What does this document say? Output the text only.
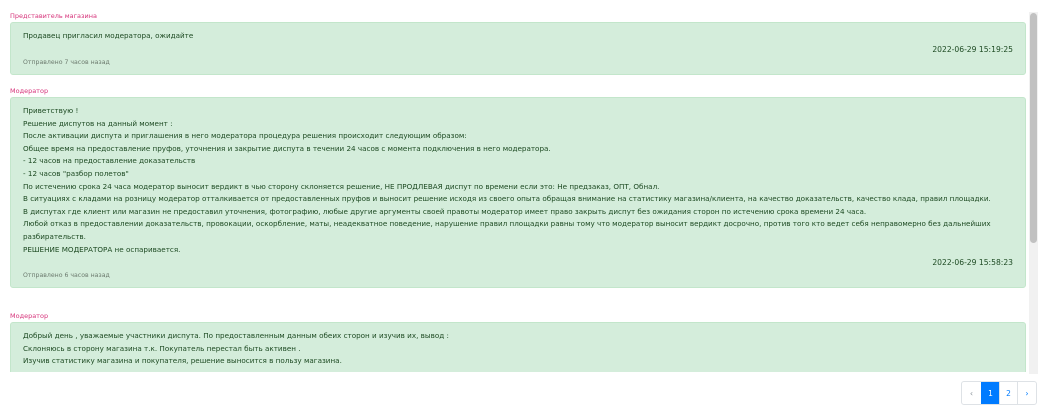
Представитель магазина
Продавец пригласил модератора, ожидайте
2022-06-29 15:19:25
Отправлено 7 часов назад
Модератор
Приветствую !
Решение диспутов на данный момент :
После активации диспута и приглашения в него модератора процедура решения происходит следующим образом:
Общее время на предоставление пруфов, уточнения и закрытие диспута в течении 24 часов с момента подключения в него модератора.
- 12 часов на предоставление доказательств
- 12 часов "разбор полетов"
По истечению срока 24 часа модератор выносит вердикт в чью сторону склоняется решение, НЕ ПРОДЛЕВАЯ диспут по времени если это: Не предзаказ, ОПТ, Обнал.
В ситуациях с кладами на розницу модератор отталкивается от предоставленных пруфов и выносит решение исходя из своего опыта обращая внимание на статистику магазина/клиента, на качество доказательств, качество клада, правил площадки.
В диспутах где клиент или магазин не предоставил уточнения, фотографию, любые другие аргументы своей правоты модератор имеет право закрыть диспут без ожидания сторон по истечению срока времени 24 часа.
Любой отказ в предоставлении доказательств, провокации, оскорбление, маты, неадекватное поведение, нарушение правил площадки равны тому что модератор выносит вердикт досрочно, против того кто ведет себя неправомерно без дальнейших разбирательств.
РЕШЕНИЕ МОДЕРАТОРА не оспаривается.
2022-06-29 15:58:23
Отправлено 6 часов назад
Модератор
Добрый день , уважаемые участники диспута. По предоставленным данным обеих сторон и изучив их, вывод :
Склоняюсь в сторону магазина т.к. Покупатель перестал быть активен .
Изучив статистику магазина и покупателя, решение выносится в пользу магазина.
‹	1	2	›
